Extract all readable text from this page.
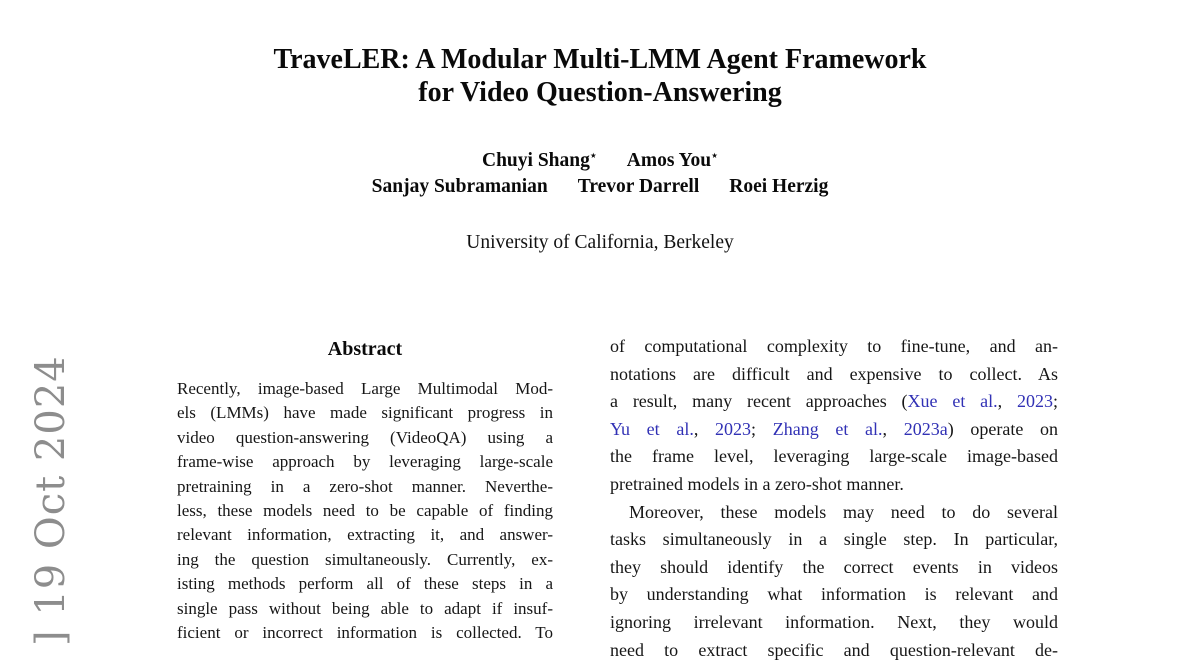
] 19 Oct 2024
TraveLER: A Modular Multi-LMM Agent Framework
for Video Question-Answering
Chuyi Shang⋆ Amos You⋆
Sanjay Subramanian Trevor Darrell Roei Herzig
University of California, Berkeley
Abstract
Recently, image-based Large Multimodal Mod-
els (LMMs) have made significant progress in
video question-answering (VideoQA) using a
frame-wise approach by leveraging large-scale
pretraining in a zero-shot manner. Neverthe-
less, these models need to be capable of finding
relevant information, extracting it, and answer-
ing the question simultaneously. Currently, ex-
isting methods perform all of these steps in a
single pass without being able to adapt if insuf-
ficient or incorrect information is collected. To
of computational complexity to fine-tune, and an-
notations are difficult and expensive to collect. As
a result, many recent approaches (Xue et al., 2023;
Yu et al., 2023; Zhang et al., 2023a) operate on
the frame level, leveraging large-scale image-based
pretrained models in a zero-shot manner.
Moreover, these models may need to do several
tasks simultaneously in a single step. In particular,
they should identify the correct events in videos
by understanding what information is relevant and
ignoring irrelevant information. Next, they would
need to extract specific and question-relevant de-
